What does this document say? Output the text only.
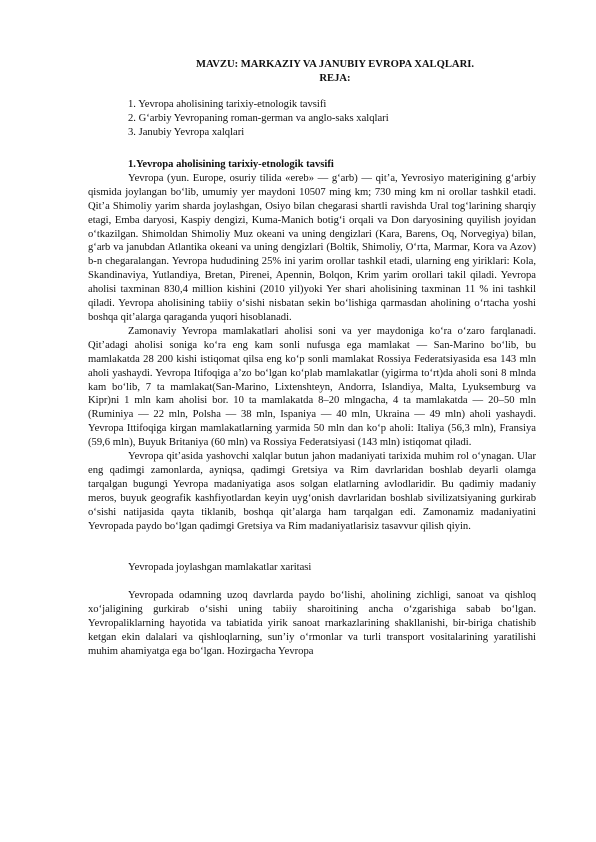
MAVZU: MARKAZIY VA JANUBIY EVROPA XALQLARI.
REJA:
1. Yevropa aholisining tarixiy-etnologik tavsifi
2. G‘arbiy Yevropaning roman-german va anglo-saks xalqlari
3. Janubiy Yevropa xalqlari
1.Yevropa aholisining tarixiy-etnologik tavsifi

Yevropa (yun. Europe, osuriy tilida «ereb» — g‘arb) — qit’a, Yevrosiyo materigining g‘arbiy qismida joylangan bo‘lib, umumiy yer maydoni 10507 ming km; 730 ming km ni orollar tashkil etadi. Qit’a Shimoliy yarim sharda joylashgan, Osiyo bilan chegarasi shartli ravishda Ural tog‘larining sharqiy etagi, Emba daryosi, Kaspiy dengizi, Kuma-Manich botig‘i orqali va Don daryosining quyilish joyidan o‘tkazilgan. Shimoldan Shimoliy Muz okeani va uning dengizlari (Kara, Barens, Oq, Norvegiya) bilan, g‘arb va janubdan Atlantika okeani va uning dengizlari (Boltik, Shimoliy, O‘rta, Marmar, Kora va Azov) b-n chegaralangan. Yevropa hududining 25% ini yarim orollar tashkil etadi, ularning eng yiriklari: Kola, Skandinaviya, Yutlandiya, Bretan, Pirenei, Apennin, Bolqon, Krim yarim orollari takil qiladi. Yevropa aholisi taxminan 830,4 million kishini (2010 yil)yoki Yer shari aholisining taxminan 11 % ini tashkil qiladi. Yevropa aholisining tabiiy o‘sishi nisbatan sekin bo‘lishiga qarmasdan aholining o‘rtacha yoshi boshqa qit’alarga qaraganda yuqori hisoblanadi.

Zamonaviy Yevropa mamlakatlari aholisi soni va yer maydoniga ko‘ra o‘zaro farqlanadi. Qit’adagi aholisi soniga ko‘ra eng kam sonli nufusga ega mamlakat — San-Marino bo‘lib, bu mamlakatda 28 200 kishi istiqomat qilsa eng ko‘p sonli mamlakat Rossiya Federatsiyasida esa 143 mln aholi yashaydi. Yevropa Itifoqiga a’zo bo‘lgan ko‘plab mamlakatlar (yigirma to‘rt)da aholi soni 8 mlnda kam bo‘lib, 7 ta mamlakat(San-Marino, Lixtenshteyn, Andorra, Islandiya, Malta, Lyuksemburg va Kipr)ni 1 mln kam aholisi bor. 10 ta mamlakatda 8–20 mlngacha, 4 ta mamlakatda — 20–50 mln (Ruminiya — 22 mln, Polsha — 38 mln, Ispaniya — 40 mln, Ukraina — 49 mln) aholi yashaydi. Yevropa Ittifoqiga kirgan mamlakatlarning yarmida 50 mln dan ko‘p aholi: Italiya (56,3 mln), Fransiya (59,6 mln), Buyuk Britaniya (60 mln) va Rossiya Federatsiyasi (143 mln) istiqomat qiladi.

Yevropa qit’asida yashovchi xalqlar butun jahon madaniyati tarixida muhim rol o‘ynagan. Ular eng qadimgi zamonlarda, ayniqsa, qadimgi Gretsiya va Rim davrlaridan boshlab deyarli olamga tarqalgan bugungi Yevropa madaniyatiga asos solgan elatlarning avlodlaridir. Bu qadimiy madaniy meros, buyuk geografik kashfiyotlardan keyin uyg‘onish davrlaridan boshlab sivilizatsiyaning gurkirab o‘sishi natijasida qayta tiklanib, boshqa qit’alarga ham tarqalgan edi. Zamonamiz madaniyatini Yevropada paydo bo‘lgan qadimgi Gretsiya va Rim madaniyatlarisiz tasavvur qilish qiyin.

Yevropada joylashgan mamlakatlar xaritasi

Yevropada odamning uzoq davrlarda paydo bo‘lishi, aholining zichligi, sanoat va qishloq xo‘jaligining gurkirab o‘sishi uning tabiiy sharoitining ancha o‘zgarishiga sabab bo‘lgan. Yevropaliklarning hayotida va tabiatida yirik sanoat rnarkazlarining shakllanishi, bir-biriga chatishib ketgan ekin dalalari va qishloqlarning, sun’iy o‘rmonlar va turli transport vositalarining yaratilishi muhim ahamiyatga ega bo‘lgan. Hozirgacha Yevropa
